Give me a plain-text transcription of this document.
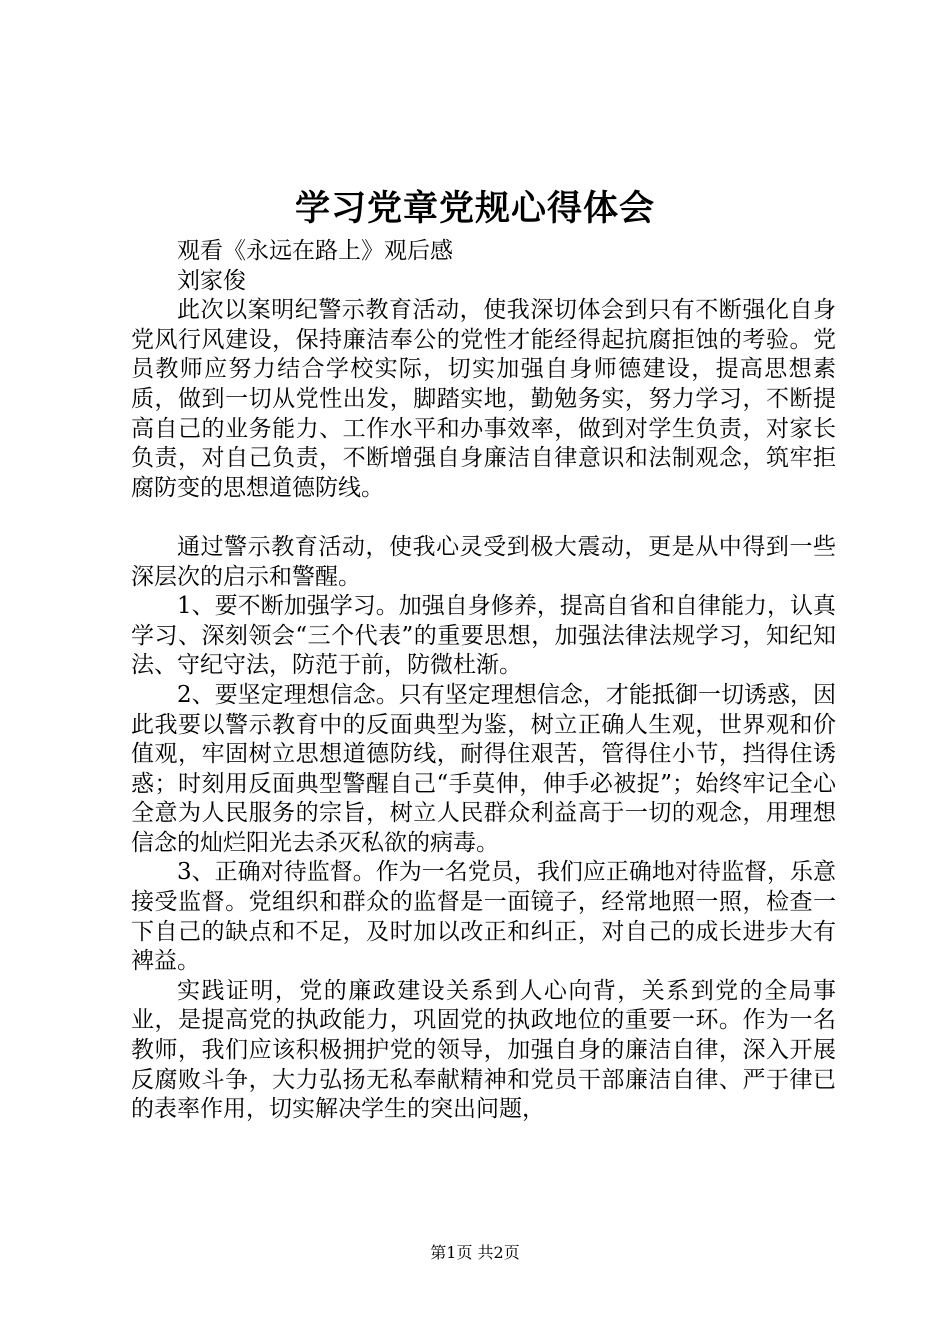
学习党章党规心得体会

观看《永远在路上》观后感

刘家俊

此次以案明纪警示教育活动，使我深切体会到只有不断强化自身党风行风建设，保持廉洁奉公的党性才能经得起抗腐拒蚀的考验。党员教师应努力结合学校实际，切实加强自身师德建设，提高思想素质，做到一切从党性出发，脚踏实地，勤勉务实，努力学习，不断提高自己的业务能力、工作水平和办事效率，做到对学生负责，对家长负责，对自己负责，不断增强自身廉洁自律意识和法制观念，筑牢拒腐防变的思想道德防线。

通过警示教育活动，使我心灵受到极大震动，更是从中得到一些深层次的启示和警醒。

1、要不断加强学习。加强自身修养，提高自省和自律能力，认真学习、深刻领会“三个代表”的重要思想，加强法律法规学习，知纪知法、守纪守法，防范于前，防微杜渐。

2、要坚定理想信念。只有坚定理想信念，才能抵御一切诱惑，因此我要以警示教育中的反面典型为鉴，树立正确人生观，世界观和价值观，牢固树立思想道德防线，耐得住艰苦，管得住小节，挡得住诱惑；时刻用反面典型警醒自己“手莫伸，伸手必被捉”；始终牢记全心全意为人民服务的宗旨，树立人民群众利益高于一切的观念，用理想信念的灿烂阳光去杀灭私欲的病毒。

3、正确对待监督。作为一名党员，我们应正确地对待监督，乐意接受监督。党组织和群众的监督是一面镜子，经常地照一照，检查一下自己的缺点和不足，及时加以改正和纠正，对自己的成长进步大有裨益。

实践证明，党的廉政建设关系到人心向背，关系到党的全局事业，是提高党的执政能力，巩固党的执政地位的重要一环。作为一名教师，我们应该积极拥护党的领导，加强自身的廉洁自律，深入开展反腐败斗争，大力弘扬无私奉献精神和党员干部廉洁自律、严于律已的表率作用，切实解决学生的突出问题，

第1页 共2页
